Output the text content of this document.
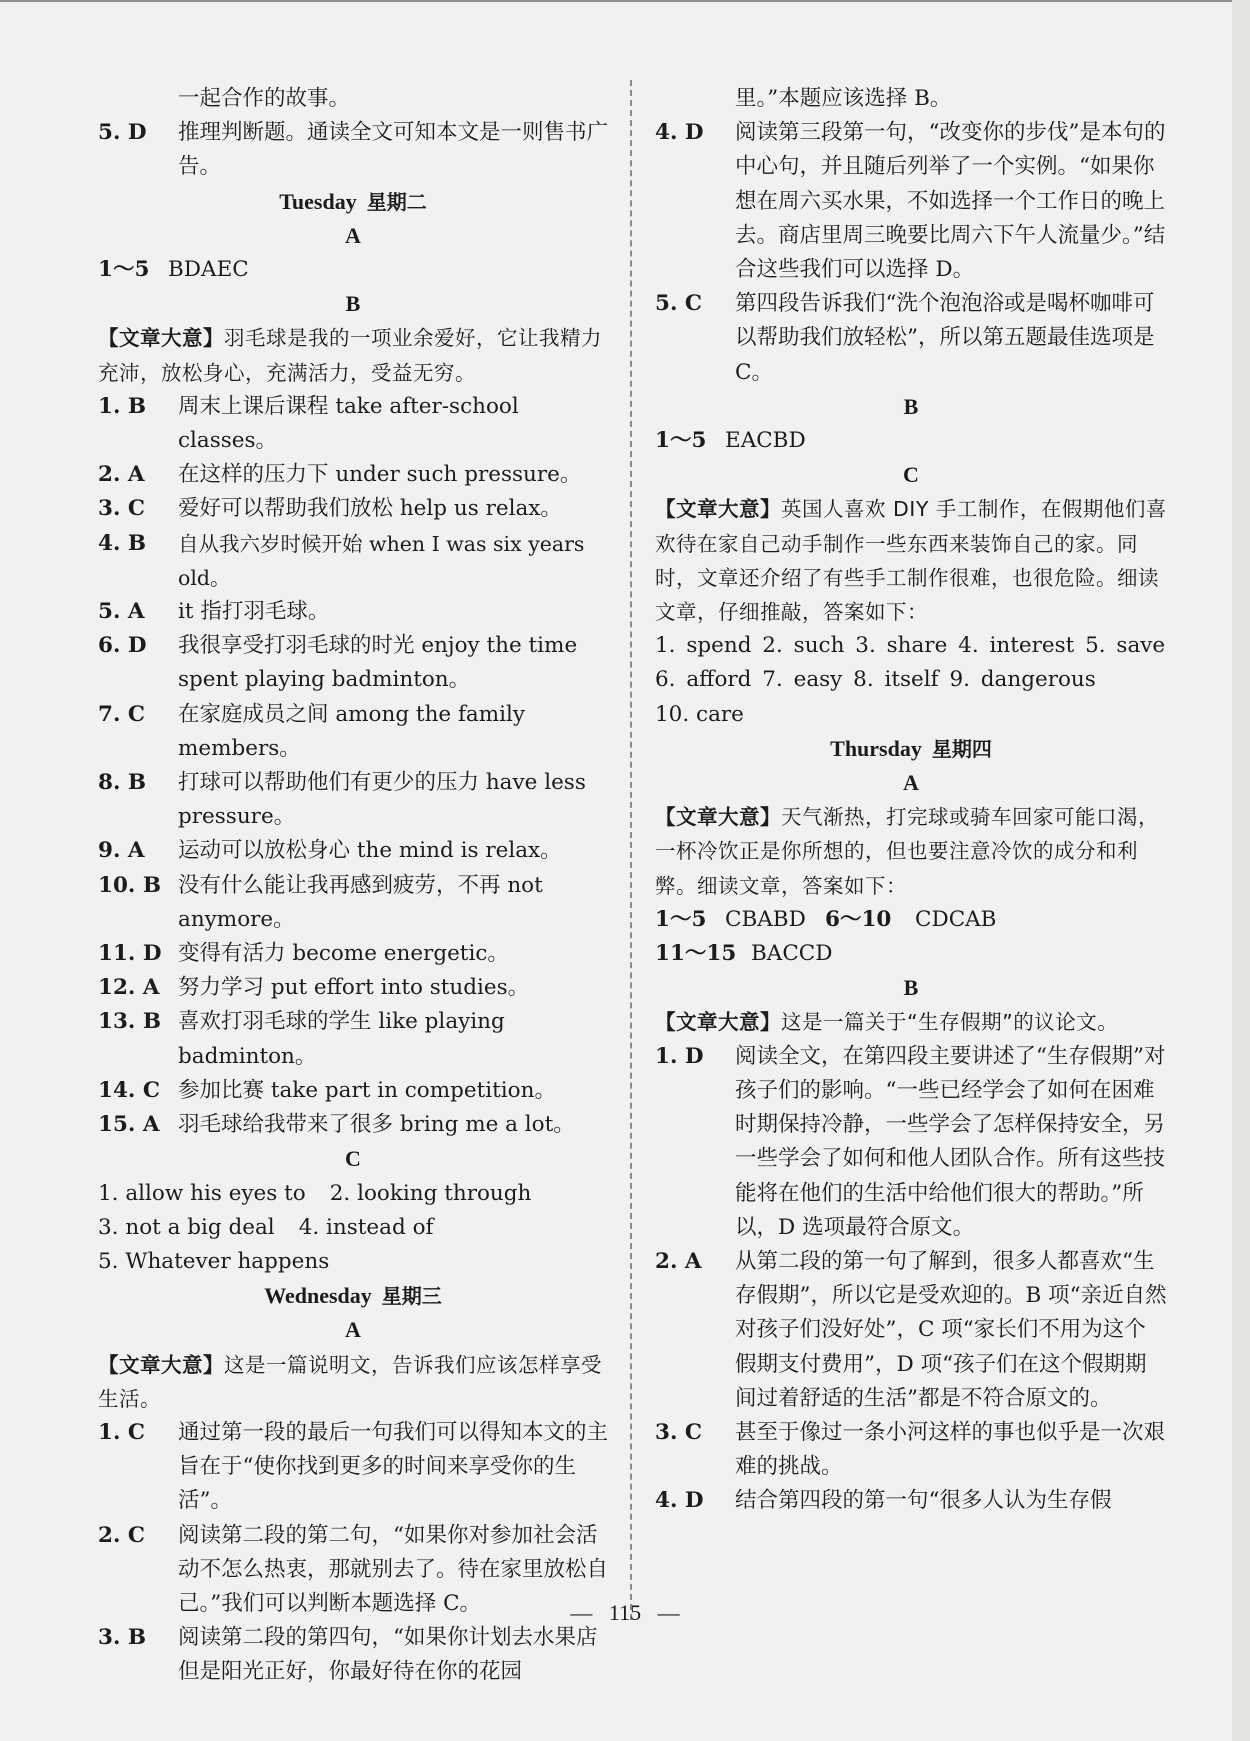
一起合作的故事。
5. D	推理判断题。通读全文可知本文是一则售书广告。
Tuesday 星期二
A
1～5 BDAEC
B
【文章大意】羽毛球是我的一项业余爱好，它让我精力充沛，放松身心，充满活力，受益无穷。
1. B	周末上课后课程 take after-school classes。
2. A	在这样的压力下 under such pressure。
3. C	爱好可以帮助我们放松 help us relax。
4. B	自从我六岁时候开始 when I was six years old。
5. A	it 指打羽毛球。
6. D	我很享受打羽毛球的时光 enjoy the time spent playing badminton。
7. C	在家庭成员之间 among the family members。
8. B	打球可以帮助他们有更少的压力 have less pressure。
9. A	运动可以放松身心 the mind is relax。
10. B 没有什么能让我再感到疲劳，不再 not anymore。
11. D 变得有活力 become energetic。
12. A 努力学习 put effort into studies。
13. B 喜欢打羽毛球的学生 like playing badminton。
14. C 参加比赛 take part in competition。
15. A 羽毛球给我带来了很多 bring me a lot。
C
1. allow his eyes to 2. looking through
3. not a big deal 4. instead of
5. Whatever happens
Wednesday 星期三
A
【文章大意】这是一篇说明文，告诉我们应该怎样享受生活。
1. C	通过第一段的最后一句我们可以得知本文的主旨在于“使你找到更多的时间来享受你的生活”。
2. C	阅读第二段的第二句，“如果你对参加社会活动不怎么热衷，那就别去了。待在家里放松自己。”我们可以判断本题选择 C。
3. B	阅读第二段的第四句，“如果你计划去水果店但是阳光正好，你最好待在你的花园
里。”本题应该选择 B。
4. D	阅读第三段第一句，“改变你的步伐”是本句的中心句，并且随后列举了一个实例。“如果你想在周六买水果，不如选择一个工作日的晚上去。商店里周三晚要比周六下午人流量少。”结合这些我们可以选择 D。
5. C	第四段告诉我们“洗个泡泡浴或是喝杯咖啡可以帮助我们放轻松”，所以第五题最佳选项是 C。
B
1～5 EACBD
C
【文章大意】英国人喜欢 DIY 手工制作，在假期他们喜欢待在家自己动手制作一些东西来装饰自己的家。同时，文章还介绍了有些手工制作很难，也很危险。细读文章，仔细推敲，答案如下：
1. spend 2. such 3. share 4. interest 5. save 6. afford 7. easy 8. itself 9. dangerous
10. care
Thursday 星期四
A
【文章大意】天气渐热，打完球或骑车回家可能口渴，一杯冷饮正是你所想的，但也要注意冷饮的成分和利弊。细读文章，答案如下：
1～5 CBABD 6～10	CDCAB
11～15 BACCD
B
【文章大意】这是一篇关于“生存假期”的议论文。
1. D	阅读全文，在第四段主要讲述了“生存假期”对孩子们的影响。“一些已经学会了如何在困难时期保持冷静，一些学会了怎样保持安全，另一些学会了如何和他人团队合作。所有这些技能将在他们的生活中给他们很大的帮助。”所以，D 选项最符合原文。
2. A	从第二段的第一句了解到，很多人都喜欢“生存假期”，所以它是受欢迎的。B 项“亲近自然对孩子们没好处”，C 项“家长们不用为这个假期支付费用”，D 项“孩子们在这个假期期间过着舒适的生活”都是不符合原文的。
3. C	甚至于像过一条小河这样的事也似乎是一次艰难的挑战。
4. D	结合第四段的第一句“很多人认为生存假
—   115   —
